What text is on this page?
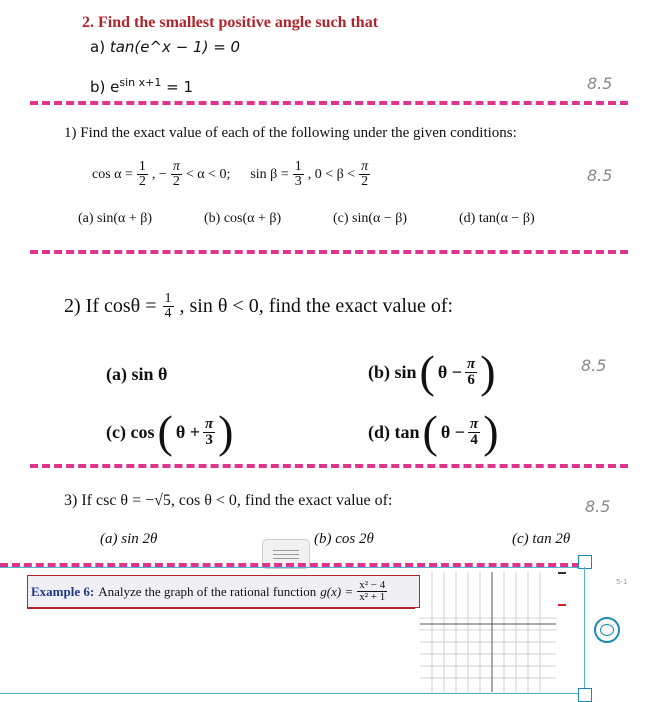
2. Find the smallest positive angle such that
a) tan(e^x − 1) = 0
b) $e^{sin x+1} = 1$	8.5
1) Find the exact value of each of the following under the given conditions:
$\cos \alpha = \frac{1}{2}$ , − $\frac{\pi}{2} < \alpha < 0$; $\sin \beta = \frac{1}{3}$ , $0 < \beta < \frac{\pi}{2}$	8.5
(a) sin(α + β)	(b) cos(α + β)	(c) sin(α − β)	(d) tan(α − β)
2) If $\cos\theta = \frac{1}{4}$ , sin θ < 0, find the exact value of:
(a) sin θ	(b) sin ( $\theta - \frac{\pi}{6}$ )	8.5
(c) cos ( $\theta + \frac{\pi}{3}$ )	(d) tan ( $\theta - \frac{\pi}{4}$ )
3) If csc θ = −√5, cos θ < 0, find the exact value of:	8.5
(a) sin 2θ	(b) cos 2θ	(c) tan 2θ
Example 6: Analyze the graph of the rational function $g(x) = \frac{\text{x² − 4}}{\text{x² + 1}}$	5-1
